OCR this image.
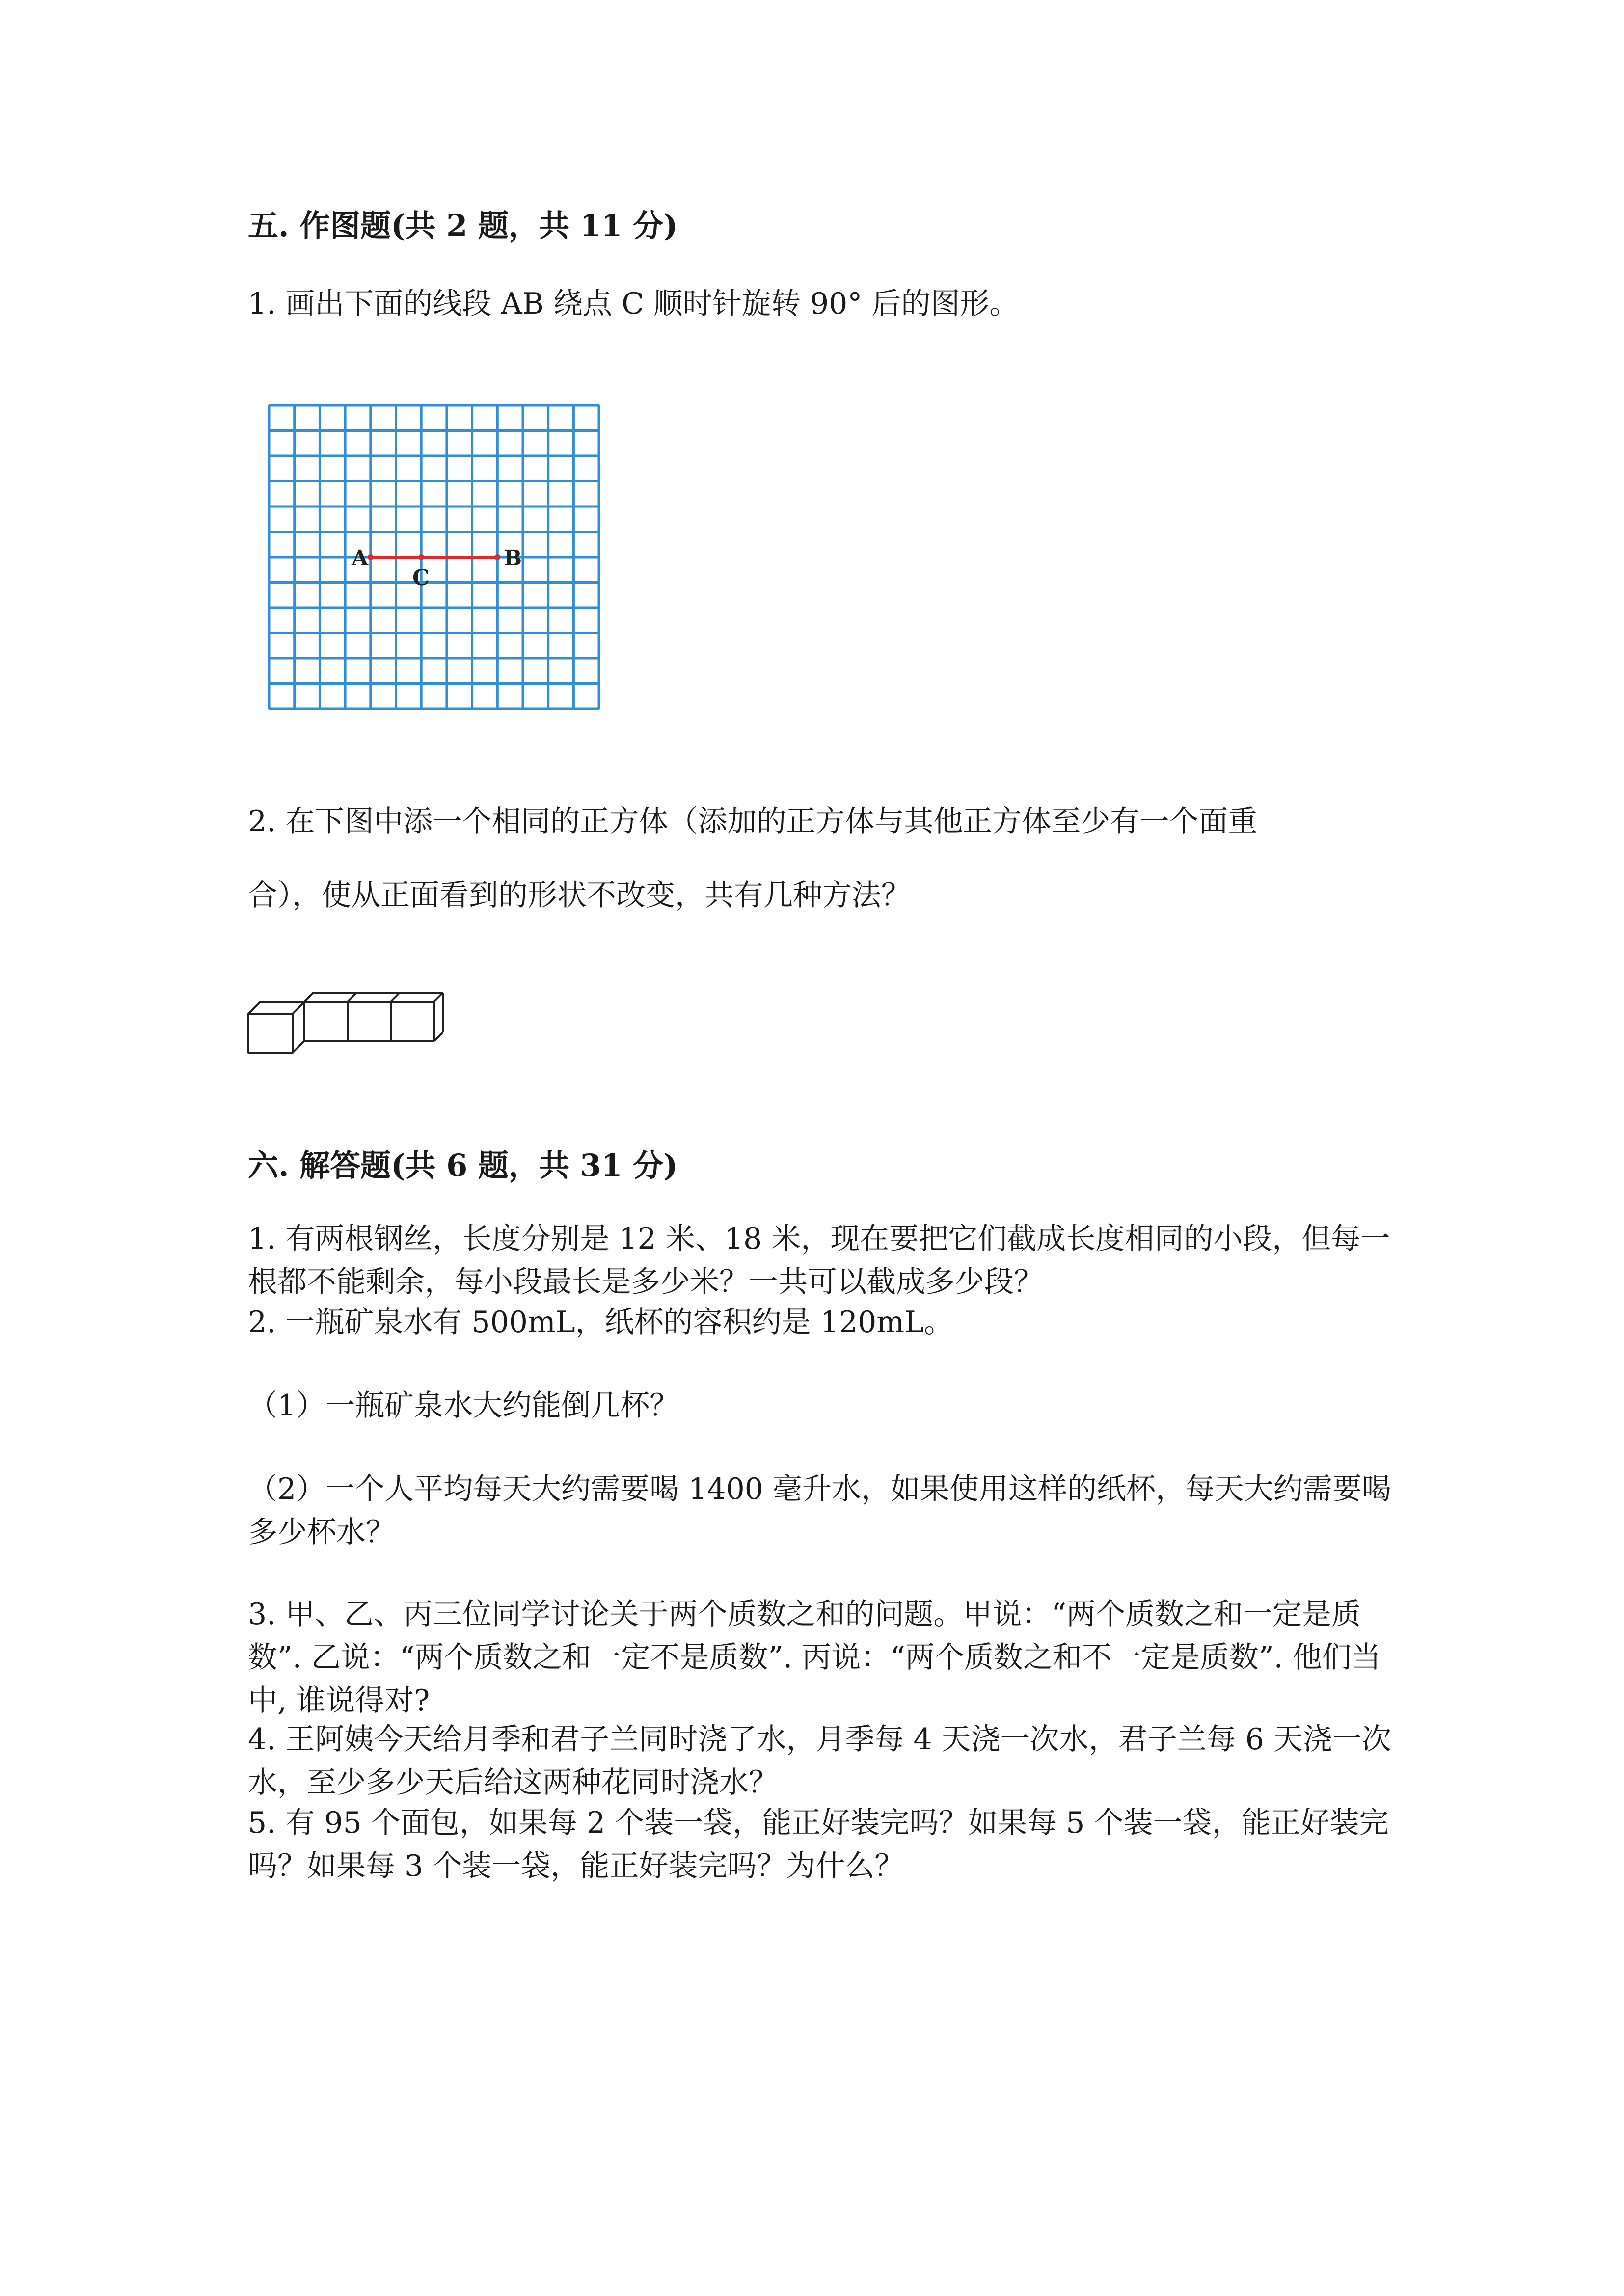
五. 作图题(共 2 题，共 11 分)
1. 画出下面的线段 AB 绕点 C 顺时针旋转 90° 后的图形。
A
C
B
2. 在下图中添一个相同的正方体（添加的正方体与其他正方体至少有一个面重
合），使从正面看到的形状不改变，共有几种方法？
六. 解答题(共 6 题，共 31 分)
1. 有两根钢丝，长度分别是 12 米、18 米，现在要把它们截成长度相同的小段，但每一根都不能剩余，每小段最长是多少米？一共可以截成多少段？
2. 一瓶矿泉水有 500mL，纸杯的容积约是 120mL。
（1）一瓶矿泉水大约能倒几杯？
（2）一个人平均每天大约需要喝 1400 毫升水，如果使用这样的纸杯，每天大约需要喝多少杯水？
3. 甲、乙、丙三位同学讨论关于两个质数之和的问题。甲说：“两个质数之和一定是质数”. 乙说：“两个质数之和一定不是质数”. 丙说：“两个质数之和不一定是质数”. 他们当中, 谁说得对?
4. 王阿姨今天给月季和君子兰同时浇了水，月季每 4 天浇一次水，君子兰每 6 天浇一次水，至少多少天后给这两种花同时浇水？
5. 有 95 个面包，如果每 2 个装一袋，能正好装完吗？如果每 5 个装一袋，能正好装完吗？如果每 3 个装一袋，能正好装完吗？为什么？
